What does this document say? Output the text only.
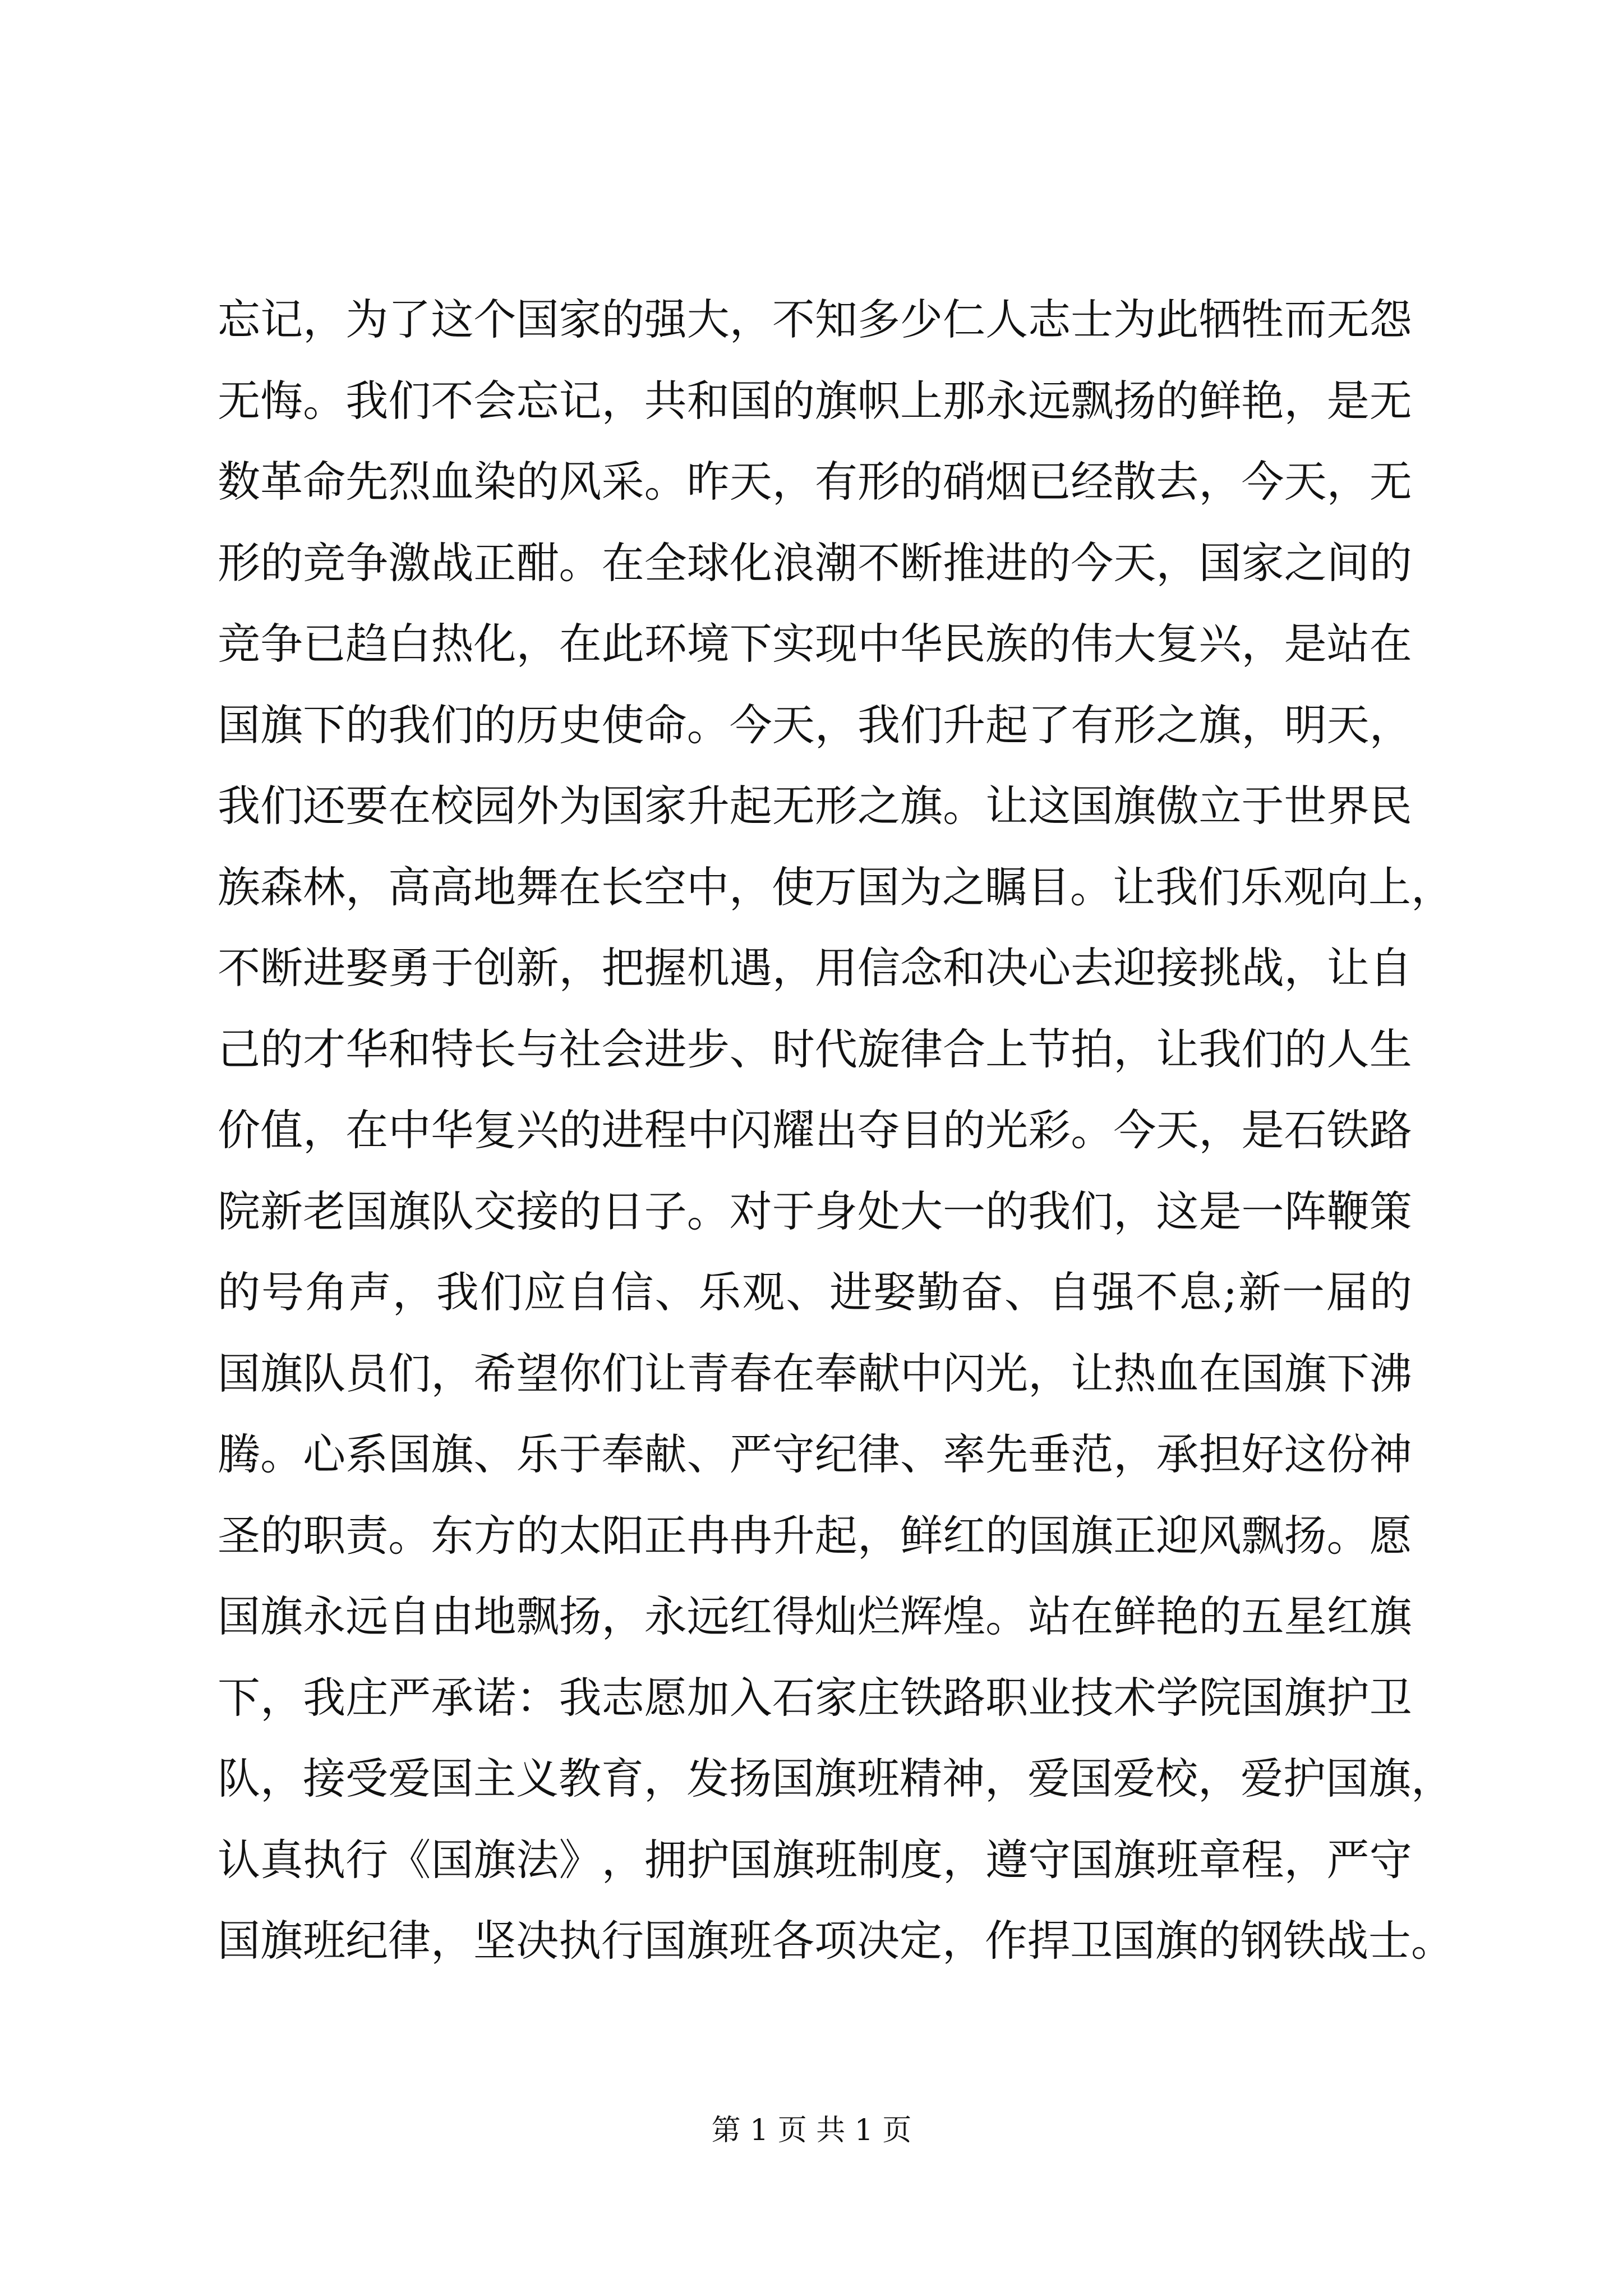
忘 记 ， 为 了 这 个 国 家 的 强 大 ， 不 知 多 少 仁 人 志 士 为 此 牺 牲 而 无 怨
无 悔 。 我 们 不 会 忘 记 ， 共 和 国 的 旗 帜 上 那 永 远 飘 扬 的 鲜 艳 ， 是 无
数 革 命 先 烈 血 染 的 风 采 。 昨 天 ， 有 形 的 硝 烟 已 经 散 去 ， 今 天 ， 无
形 的 竞 争 激 战 正 酣 。 在 全 球 化 浪 潮 不 断 推 进 的 今 天 ， 国 家 之 间 的
竞 争 已 趋 白 热 化 ， 在 此 环 境 下 实 现 中 华 民 族 的 伟 大 复 兴 ， 是 站 在
国 旗 下 的 我 们 的 历 史 使 命 。 今 天 ， 我 们 升 起 了 有 形 之 旗 ， 明 天 ，
我 们 还 要 在 校 园 外 为 国 家 升 起 无 形 之 旗 。 让 这 国 旗 傲 立 于 世 界 民
族 森 林 ， 高 高 地 舞 在 长 空 中 ， 使 万 国 为 之 瞩 目 。 让 我 们 乐 观 向 上 ，
不 断 进 娶 勇 于 创 新 ， 把 握 机 遇 ， 用 信 念 和 决 心 去 迎 接 挑 战 ， 让 自
己 的 才 华 和 特 长 与 社 会 进 步 、 时 代 旋 律 合 上 节 拍 ， 让 我 们 的 人 生
价 值 ， 在 中 华 复 兴 的 进 程 中 闪 耀 出 夺 目 的 光 彩 。 今 天 ， 是 石 铁 路
院 新 老 国 旗 队 交 接 的 日 子 。 对 于 身 处 大 一 的 我 们 ， 这 是 一 阵 鞭 策
的 号 角 声 ， 我 们 应 自 信 、 乐 观 、 进 娶 勤 奋 、 自 强 不 息 ; 新 一 届 的
国 旗 队 员 们 ， 希 望 你 们 让 青 春 在 奉 献 中 闪 光 ， 让 热 血 在 国 旗 下 沸
腾 。 心 系 国 旗 、 乐 于 奉 献 、 严 守 纪 律 、 率 先 垂 范 ， 承 担 好 这 份 神
圣 的 职 责 。 东 方 的 太 阳 正 冉 冉 升 起 ， 鲜 红 的 国 旗 正 迎 风 飘 扬 。 愿
国 旗 永 远 自 由 地 飘 扬 ， 永 远 红 得 灿 烂 辉 煌 。 站 在 鲜 艳 的 五 星 红 旗
下 ， 我 庄 严 承 诺 ： 我 志 愿 加 入 石 家 庄 铁 路 职 业 技 术 学 院 国 旗 护 卫
队 ， 接 受 爱 国 主 义 教 育 ， 发 扬 国 旗 班 精 神 ， 爱 国 爱 校 ， 爱 护 国 旗 ，
认 真 执 行 《 国 旗 法 》 ， 拥 护 国 旗 班 制 度 ， 遵 守 国 旗 班 章 程 ， 严 守
国 旗 班 纪 律 ， 坚 决 执 行 国 旗 班 各 项 决 定 ， 作 捍 卫 国 旗 的 钢 铁 战 士 。
第 1 页 共 1 页
